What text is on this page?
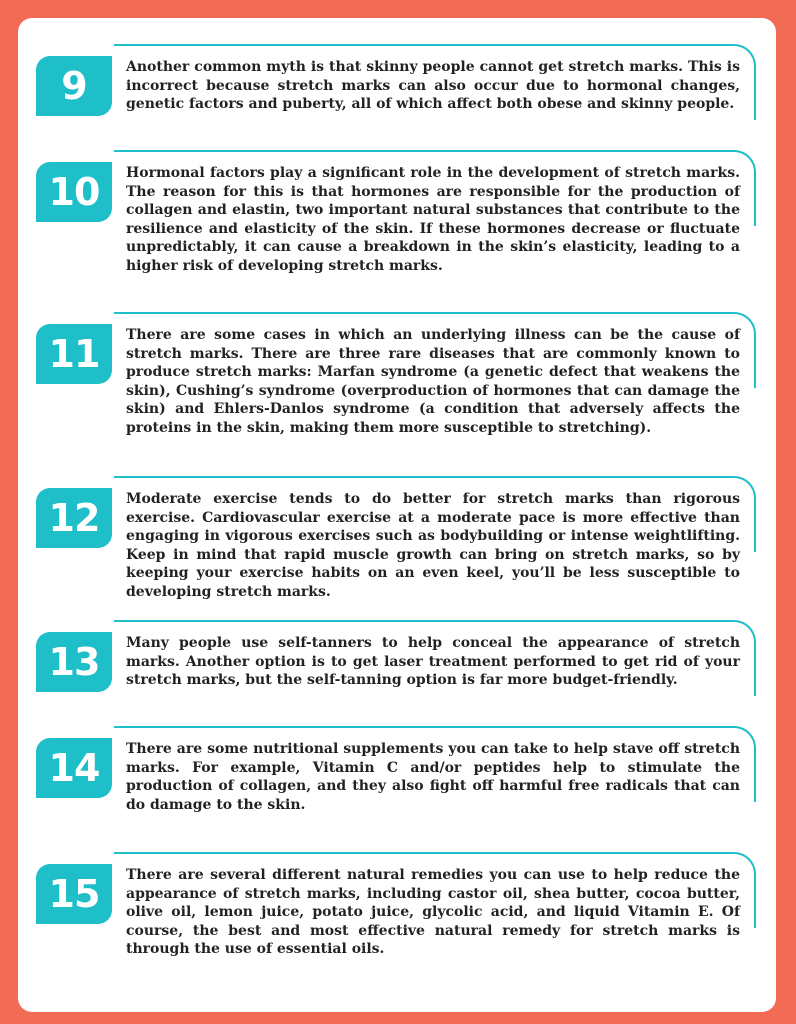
9	Another common myth is that skinny people cannot get stretch marks. This is incorrect because stretch marks can also occur due to hormonal changes, genetic factors and puberty, all of which affect both obese and skinny people.

10	Hormonal factors play a significant role in the development of stretch marks. The reason for this is that hormones are responsible for the production of collagen and elastin, two important natural substances that contribute to the resilience and elasticity of the skin. If these hormones decrease or fluctuate unpredictably, it can cause a breakdown in the skin’s elasticity, leading to a higher risk of developing stretch marks.

11	There are some cases in which an underlying illness can be the cause of stretch marks. There are three rare diseases that are commonly known to produce stretch marks: Marfan syndrome (a genetic defect that weakens the skin), Cushing’s syndrome (overproduction of hormones that can damage the skin) and Ehlers-Danlos syndrome (a condition that adversely affects the proteins in the skin, making them more susceptible to stretching).

12	Moderate exercise tends to do better for stretch marks than rigorous exercise. Cardiovascular exercise at a moderate pace is more effective than engaging in vigorous exercises such as bodybuilding or intense weightlifting. Keep in mind that rapid muscle growth can bring on stretch marks, so by keeping your exercise habits on an even keel, you’ll be less susceptible to developing stretch marks.

13	Many people use self-tanners to help conceal the appearance of stretch marks. Another option is to get laser treatment performed to get rid of your stretch marks, but the self-tanning option is far more budget-friendly.

14	There are some nutritional supplements you can take to help stave off stretch marks. For example, Vitamin C and/or peptides help to stimulate the production of collagen, and they also fight off harmful free radicals that can do damage to the skin.

15	There are several different natural remedies you can use to help reduce the appearance of stretch marks, including castor oil, shea butter, cocoa butter, olive oil, lemon juice, potato juice, glycolic acid, and liquid Vitamin E. Of course, the best and most effective natural remedy for stretch marks is through the use of essential oils.
